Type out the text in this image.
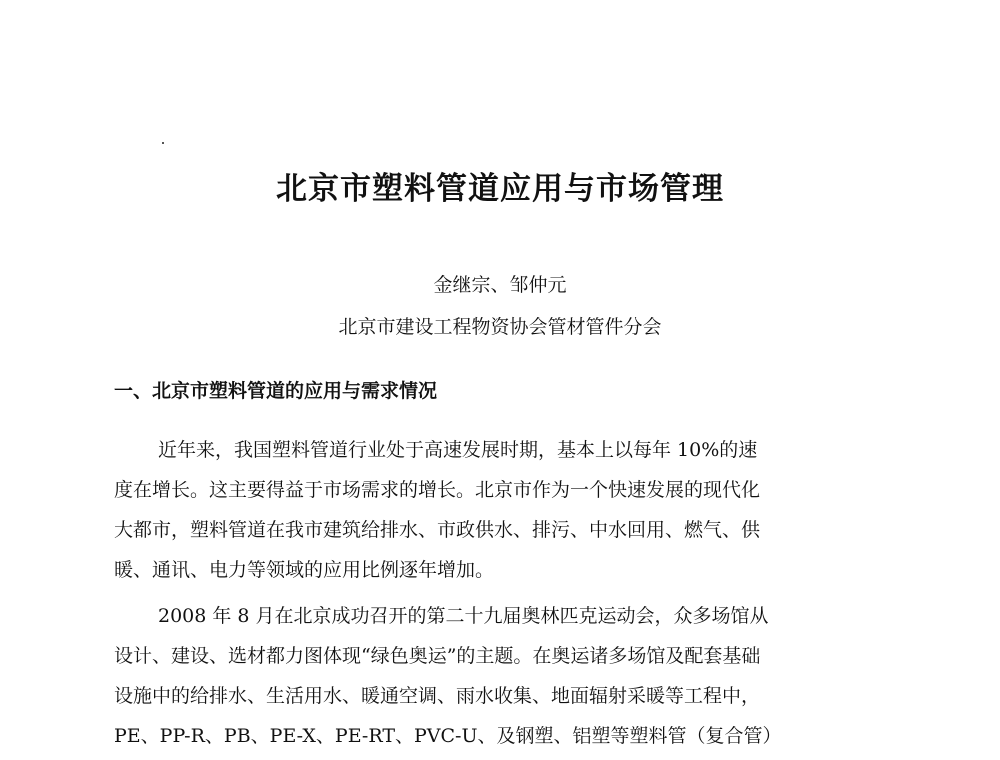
北京市塑料管道应用与市场管理
金继宗、邹仲元
北京市建设工程物资协会管材管件分会
一、北京市塑料管道的应用与需求情况
近年来，我国塑料管道行业处于高速发展时期，基本上以每年 10%的速
度在增长。这主要得益于市场需求的增长。北京市作为一个快速发展的现代化
大都市，塑料管道在我市建筑给排水、市政供水、排污、中水回用、燃气、供
暖、通讯、电力等领域的应用比例逐年增加。
2008 年 8 月在北京成功召开的第二十九届奥林匹克运动会，众多场馆从
设计、建设、选材都力图体现“绿色奥运”的主题。在奥运诸多场馆及配套基础
设施中的给排水、生活用水、暖通空调、雨水收集、地面辐射采暖等工程中，
PE、PP-R、PB、PE-X、PE-RT、PVC-U、及钢塑、铝塑等塑料管（复合管）
